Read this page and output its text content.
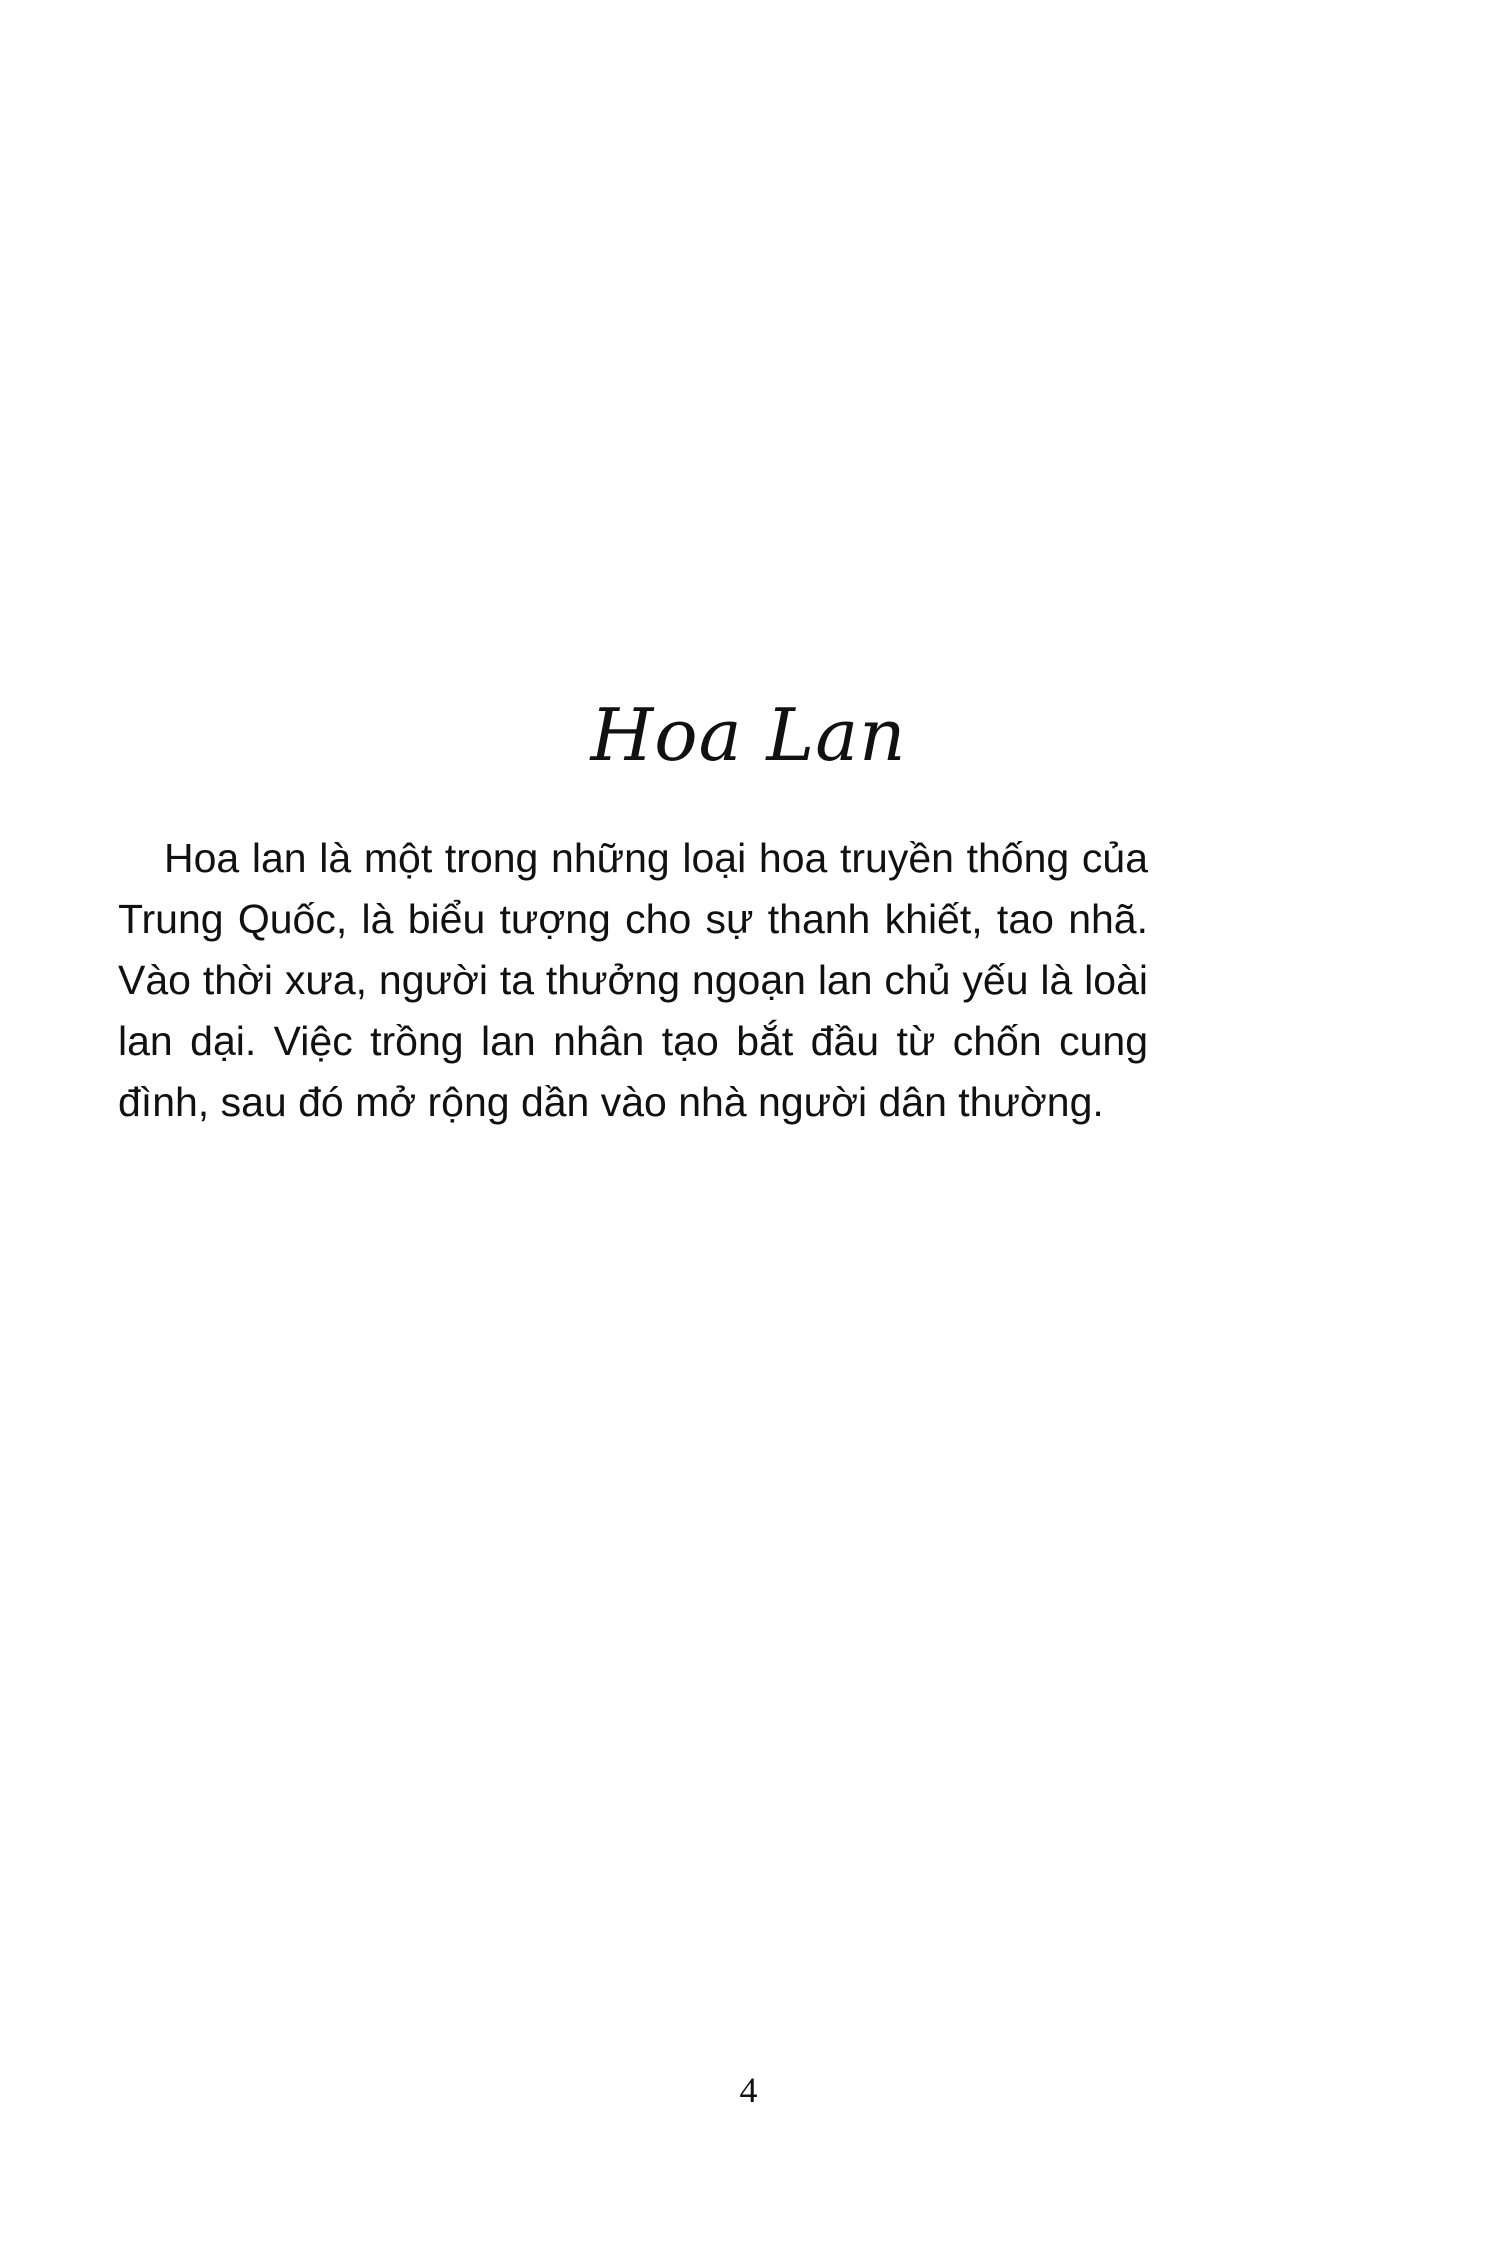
Hoa Lan

Hoa lan là một trong những loại hoa truyền thống của Trung Quốc, là biểu tượng cho sự thanh khiết, tao nhã. Vào thời xưa, người ta thưởng ngoạn lan chủ yếu là loài lan dại. Việc trồng lan nhân tạo bắt đầu từ chốn cung đình, sau đó mở rộng dần vào nhà người dân thường.

4
